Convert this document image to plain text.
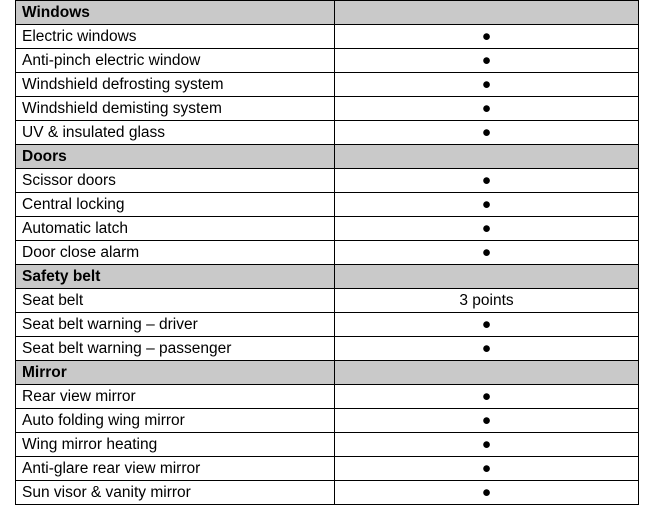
Windows	
Electric windows	●
Anti-pinch electric window	●
Windshield defrosting system	●
Windshield demisting system	●
UV & insulated glass	●
Doors	
Scissor doors	●
Central locking	●
Automatic latch	●
Door close alarm	●
Safety belt	
Seat belt	3 points
Seat belt warning – driver	●
Seat belt warning – passenger	●
Mirror	
Rear view mirror	●
Auto folding wing mirror	●
Wing mirror heating	●
Anti-glare rear view mirror	●
Sun visor & vanity mirror	●
